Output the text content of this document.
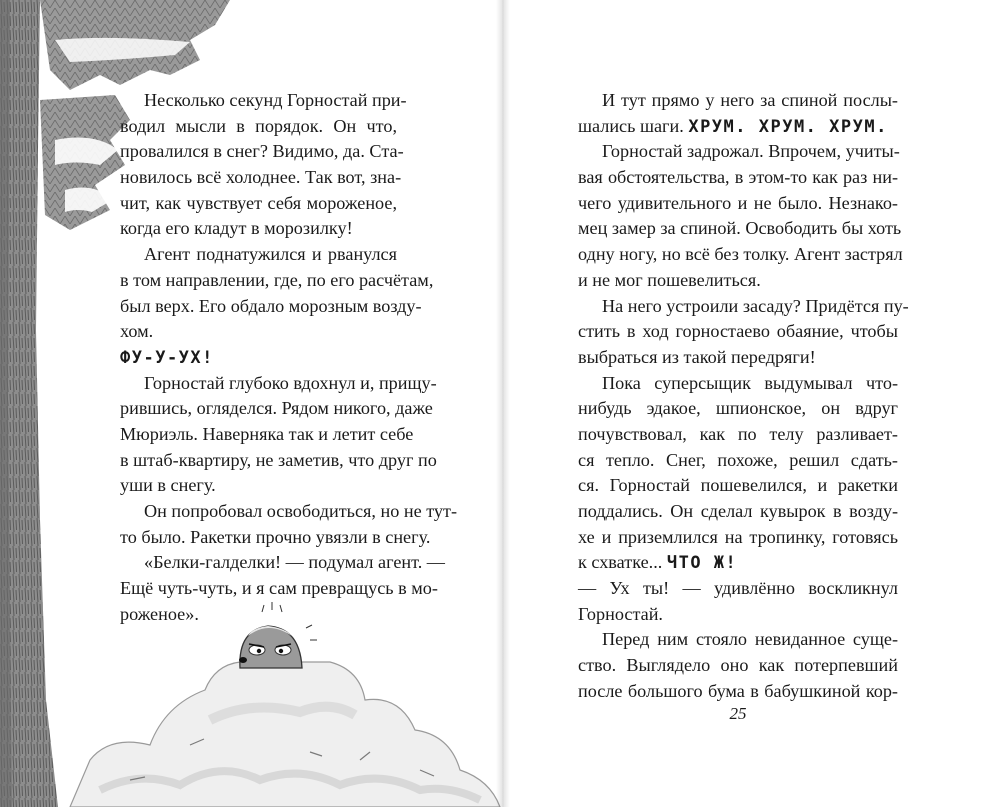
Несколько секунд Горностай при-
водил мысли в порядок. Он что,
провалился в снег? Видимо, да. Ста-
новилось всё холоднее. Так вот, зна-
чит, как чувствует себя мороженое,
когда его кладут в морозилку!
Агент поднатужился и рванулся
в том направлении, где, по его расчётам,
был верх. Его обдало морозным возду-
хом.
ФУ-У-УХ!
Горностай глубоко вдохнул и, прищу-
рившись, огляделся. Рядом никого, даже
Мюриэль. Наверняка так и летит себе
в штаб-квартиру, не заметив, что друг по
уши в снегу.
Он попробовал освободиться, но не тут-
то было. Ракетки прочно увязли в снегу.
«Белки-галделки! — подумал агент. —
Ещё чуть-чуть, и я сам превращусь в мо-
роженое».
И тут прямо у него за спиной послы-
шались шаги. ХРУМ. ХРУМ. ХРУМ.
Горностай задрожал. Впрочем, учиты-
вая обстоятельства, в этом-то как раз ни-
чего удивительного и не было. Незнако-
мец замер за спиной. Освободить бы хоть
одну ногу, но всё без толку. Агент застрял
и не мог пошевелиться.
На него устроили засаду? Придётся пу-
стить в ход горностаево обаяние, чтобы
выбраться из такой передряги!
Пока суперсыщик выдумывал что-
нибудь эдакое, шпионское, он вдруг
почувствовал, как по телу разливает-
ся тепло. Снег, похоже, решил сдать-
ся. Горностай пошевелился, и ракетки
поддались. Он сделал кувырок в возду-
хе и приземлился на тропинку, готовясь
к схватке... ЧТО Ж!
— Ух ты! — удивлённо воскликнул
Горностай.
Перед ним стояло невиданное суще-
ство. Выглядело оно как потерпевший
после большого бума в бабушкиной кор-
25
